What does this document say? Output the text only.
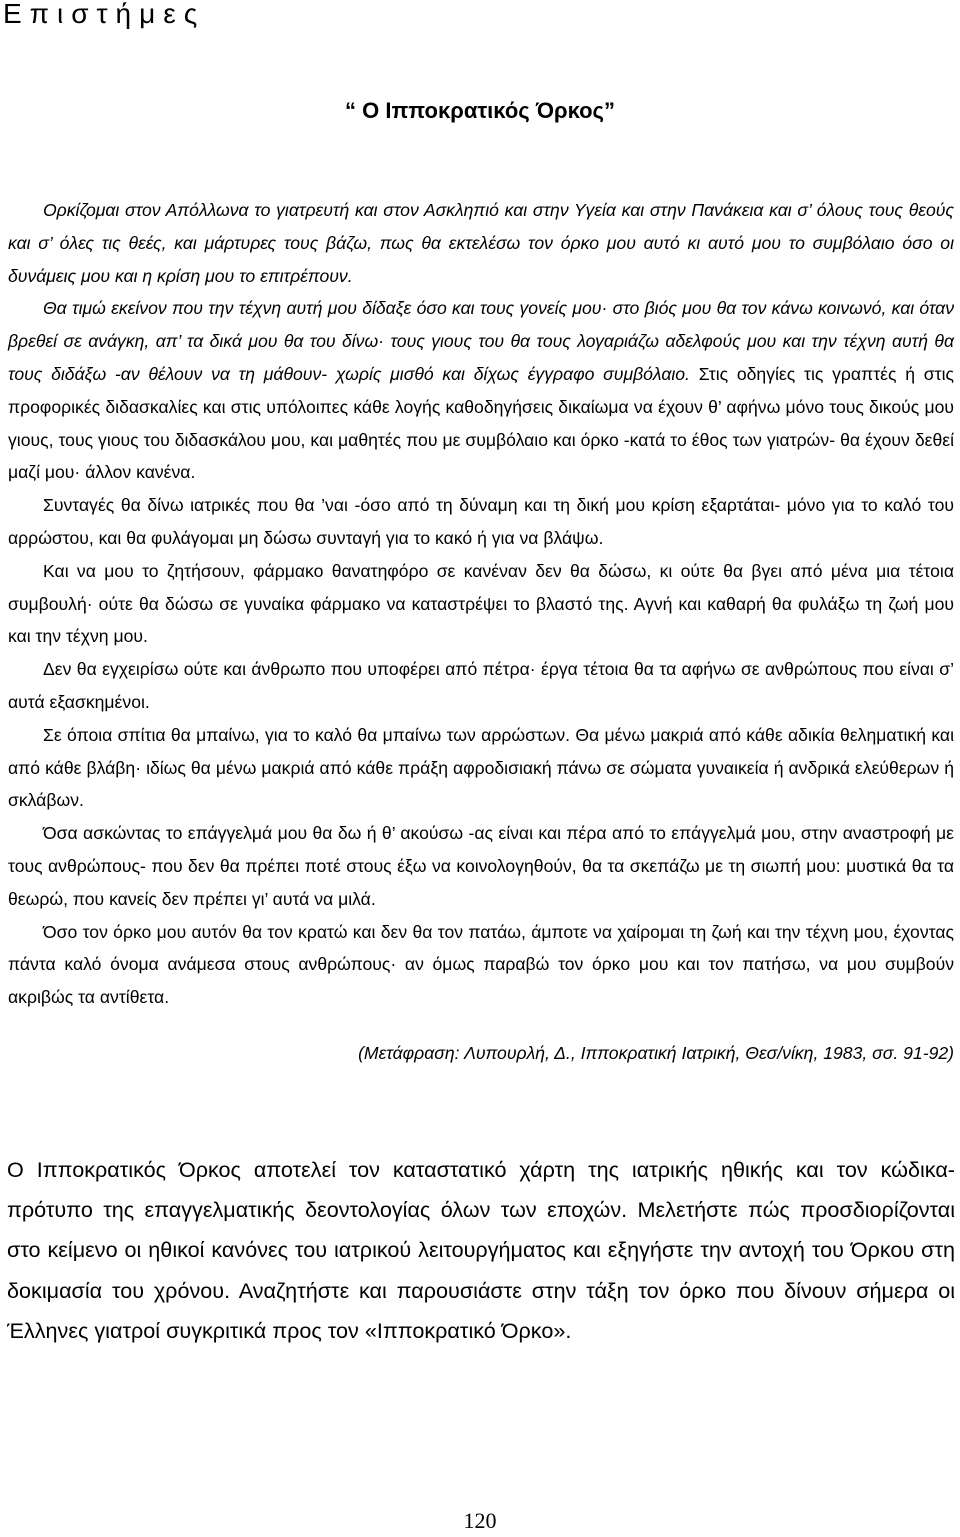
Επιστήμες
“ Ο Ιπποκρατικός Όρκος”

Ορκίζομαι στον Απόλλωνα το γιατρευτή και στον Ασκληπιό και στην Υγεία και στην Πανάκεια και σ’ όλους τους θεούς και σ’ όλες τις θεές, και μάρτυρες τους βάζω, πως θα εκτελέσω τον όρκο μου αυτό κι αυτό μου το συμβόλαιο όσο οι δυνάμεις μου και η κρίση μου το επιτρέπουν.

Θα τιμώ εκείνον που την τέχνη αυτή μου δίδαξε όσο και τους γονείς μου· στο βιός μου θα τον κάνω κοινωνό, και όταν βρεθεί σε ανάγκη, απ’ τα δικά μου θα του δίνω· τους γιους του θα τους λογαριάζω αδελφούς μου και την τέχνη αυτή θα τους διδάξω -αν θέλουν να τη μάθουν- χωρίς μισθό και δίχως έγγραφο συμβόλαιο. Στις οδηγίες τις γραπτές ή στις προφορικές διδασκαλίες και στις υπόλοιπες κάθε λογής καθοδηγήσεις δικαίωμα να έχουν θ’ αφήνω μόνο τους δικούς μου γιους, τους γιους του διδασκάλου μου, και μαθητές που με συμβόλαιο και όρκο -κατά το έθος των γιατρών- θα έχουν δεθεί μαζί μου· άλλον κανένα.

Συνταγές θα δίνω ιατρικές που θα ’ναι -όσο από τη δύναμη και τη δική μου κρίση εξαρτάται- μόνο για το καλό του αρρώστου, και θα φυλάγομαι μη δώσω συνταγή για το κακό ή για να βλάψω.

Και να μου το ζητήσουν, φάρμακο θανατηφόρο σε κανέναν δεν θα δώσω, κι ούτε θα βγει από μένα μια τέτοια συμβουλή· ούτε θα δώσω σε γυναίκα φάρμακο να καταστρέψει το βλαστό της. Αγνή και καθαρή θα φυλάξω τη ζωή μου και την τέχνη μου.

Δεν θα εγχειρίσω ούτε και άνθρωπο που υποφέρει από πέτρα· έργα τέτοια θα τα αφήνω σε ανθρώπους που είναι σ’ αυτά εξασκημένοι.

Σε όποια σπίτια θα μπαίνω, για το καλό θα μπαίνω των αρρώστων. Θα μένω μακριά από κάθε αδικία θεληματική και από κάθε βλάβη· ιδίως θα μένω μακριά από κάθε πράξη αφροδισιακή πάνω σε σώματα γυναικεία ή ανδρικά ελεύθερων ή σκλάβων.

Όσα ασκώντας το επάγγελμά μου θα δω ή θ’ ακούσω -ας είναι και πέρα από το επάγγελμά μου, στην αναστροφή με τους ανθρώπους- που δεν θα πρέπει ποτέ στους έξω να κοινολογηθούν, θα τα σκεπάζω με τη σιωπή μου: μυστικά θα τα θεωρώ, που κανείς δεν πρέπει γι’ αυτά να μιλά.

Όσο τον όρκο μου αυτόν θα τον κρατώ και δεν θα τον πατάω, άμποτε να χαίρομαι τη ζωή και την τέχνη μου, έχοντας πάντα καλό όνομα ανάμεσα στους ανθρώπους· αν όμως παραβώ τον όρκο μου και τον πατήσω, να μου συμβούν ακριβώς τα αντίθετα.

(Μετάφραση: Λυπουρλή, Δ., Ιπποκρατική Ιατρική, Θεσ/νίκη, 1983, σσ. 91-92)

Ο Ιπποκρατικός Όρκος αποτελεί τον καταστατικό χάρτη της ιατρικής ηθικής και τον κώδικα-πρότυπο της επαγγελματικής δεοντολογίας όλων των εποχών. Μελετήστε πώς προσδιορίζονται στο κείμενο οι ηθικοί κανόνες του ιατρικού λειτουργήματος και εξηγήστε την αντοχή του Όρκου στη δοκιμασία του χρόνου. Αναζητήστε και παρουσιάστε στην τάξη τον όρκο που δίνουν σήμερα οι Έλληνες γιατροί συγκριτικά προς τον «Ιπποκρατικό Όρκο».
120
